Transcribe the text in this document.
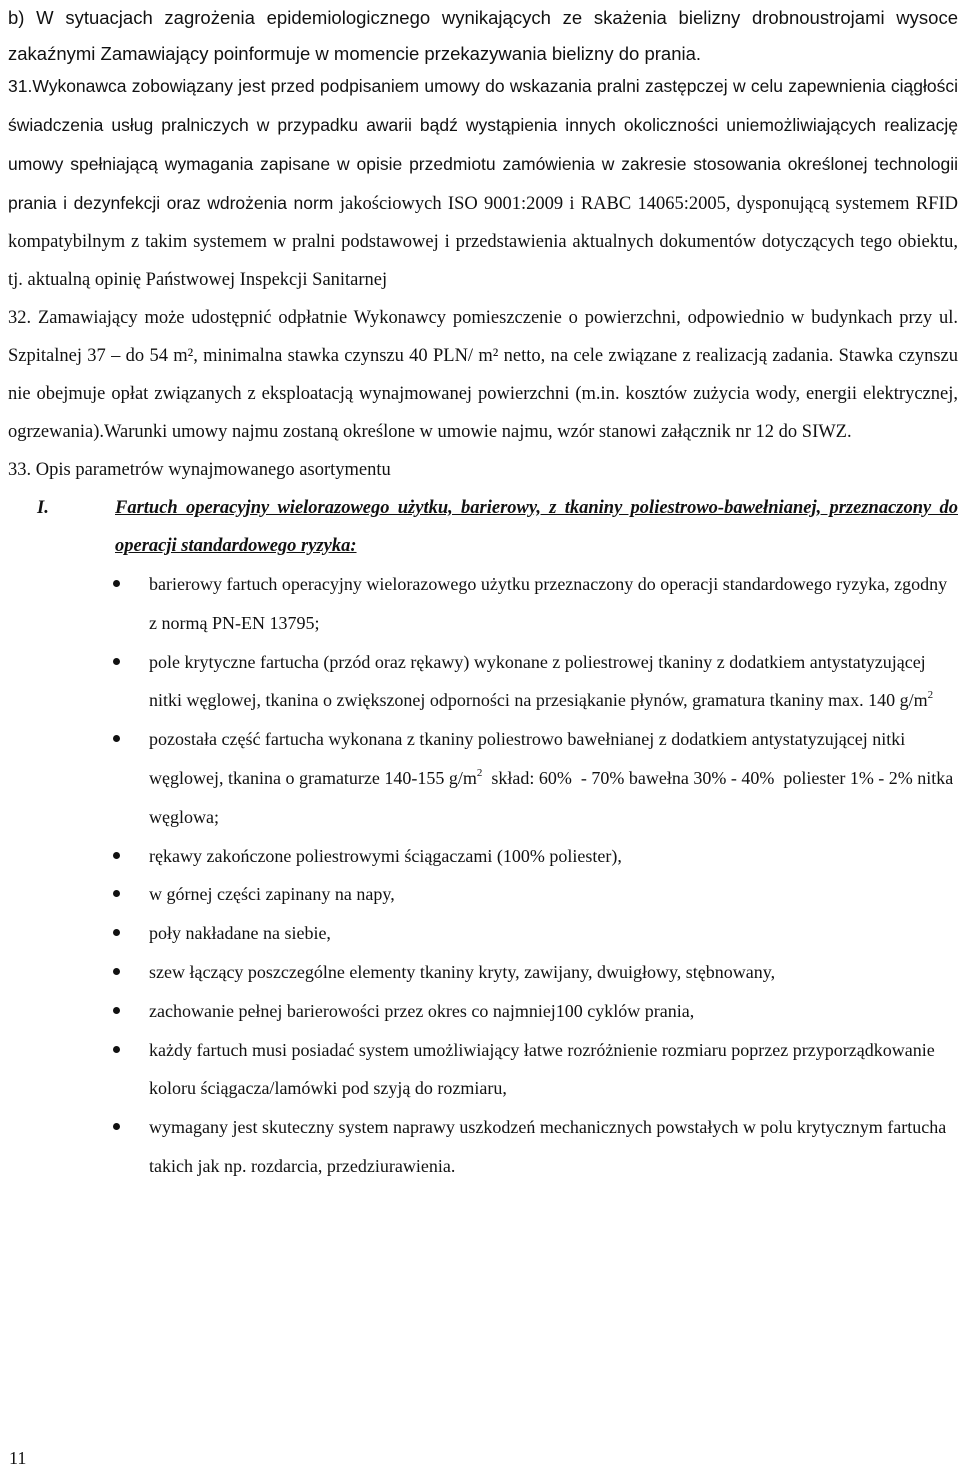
b) W sytuacjach zagrożenia epidemiologicznego wynikających ze skażenia bielizny drobnoustrojami wysoce zakaźnymi Zamawiający poinformuje w momencie przekazywania bielizny do prania.

31.Wykonawca zobowiązany jest przed podpisaniem umowy do wskazania pralni zastępczej w celu zapewnienia ciągłości świadczenia usług pralniczych w przypadku awarii bądź wystąpienia innych okoliczności uniemożliwiających realizację umowy spełniającą wymagania zapisane w opisie przedmiotu zamówienia w zakresie stosowania określonej technologii prania i dezynfekcji oraz wdrożenia norm jakościowych ISO 9001:2009 i RABC 14065:2005, dysponującą systemem RFID kompatybilnym z takim systemem w pralni podstawowej i przedstawienia aktualnych dokumentów dotyczących tego obiektu, tj. aktualną opinię Państwowej Inspekcji Sanitarnej

32. Zamawiający może udostępnić odpłatnie Wykonawcy pomieszczenie o powierzchni, odpowiednio w budynkach przy ul. Szpitalnej 37 – do 54 m², minimalna stawka czynszu 40 PLN/ m² netto, na cele związane z realizacją zadania. Stawka czynszu nie obejmuje opłat związanych z eksploatacją wynajmowanej powierzchni (m.in. kosztów zużycia wody, energii elektrycznej, ogrzewania).Warunki umowy najmu zostaną określone w umowie najmu, wzór stanowi załącznik nr 12 do SIWZ.

33. Opis parametrów wynajmowanego asortymentu

I.	Fartuch operacyjny wielorazowego użytku, barierowy, z tkaniny poliestrowo-bawełnianej, przeznaczony do operacji standardowego ryzyka:

barierowy fartuch operacyjny wielorazowego użytku przeznaczony do operacji standardowego ryzyka, zgodny z normą PN-EN 13795;
pole krytyczne fartucha (przód oraz rękawy) wykonane z poliestrowej tkaniny z dodatkiem antystatyzującej nitki węglowej, tkanina o zwiększonej odporności na przesiąkanie płynów, gramatura tkaniny max. 140 $g/m^2$
pozostała część fartucha wykonana z tkaniny poliestrowo bawełnianej z dodatkiem antystatyzującej nitki węglowej, tkanina o gramaturze 140-155 $g/m^2$  skład: 60%  - 70% bawełna 30% - 40%  poliester 1% - 2% nitka węglowa;
rękawy zakończone poliestrowymi ściągaczami (100% poliester),
w górnej części zapinany na napy,
poły nakładane na siebie,
szew łączący poszczególne elementy tkaniny kryty, zawijany, dwuigłowy, stębnowany,
zachowanie pełnej barierowości przez okres co najmniej100 cyklów prania,
każdy fartuch musi posiadać system umożliwiający łatwe rozróżnienie rozmiaru poprzez przyporządkowanie koloru ściągacza/lamówki pod szyją do rozmiaru,
wymagany jest skuteczny system naprawy uszkodzeń mechanicznych powstałych w polu krytycznym fartucha takich jak np. rozdarcia, przedziurawienia.
11
